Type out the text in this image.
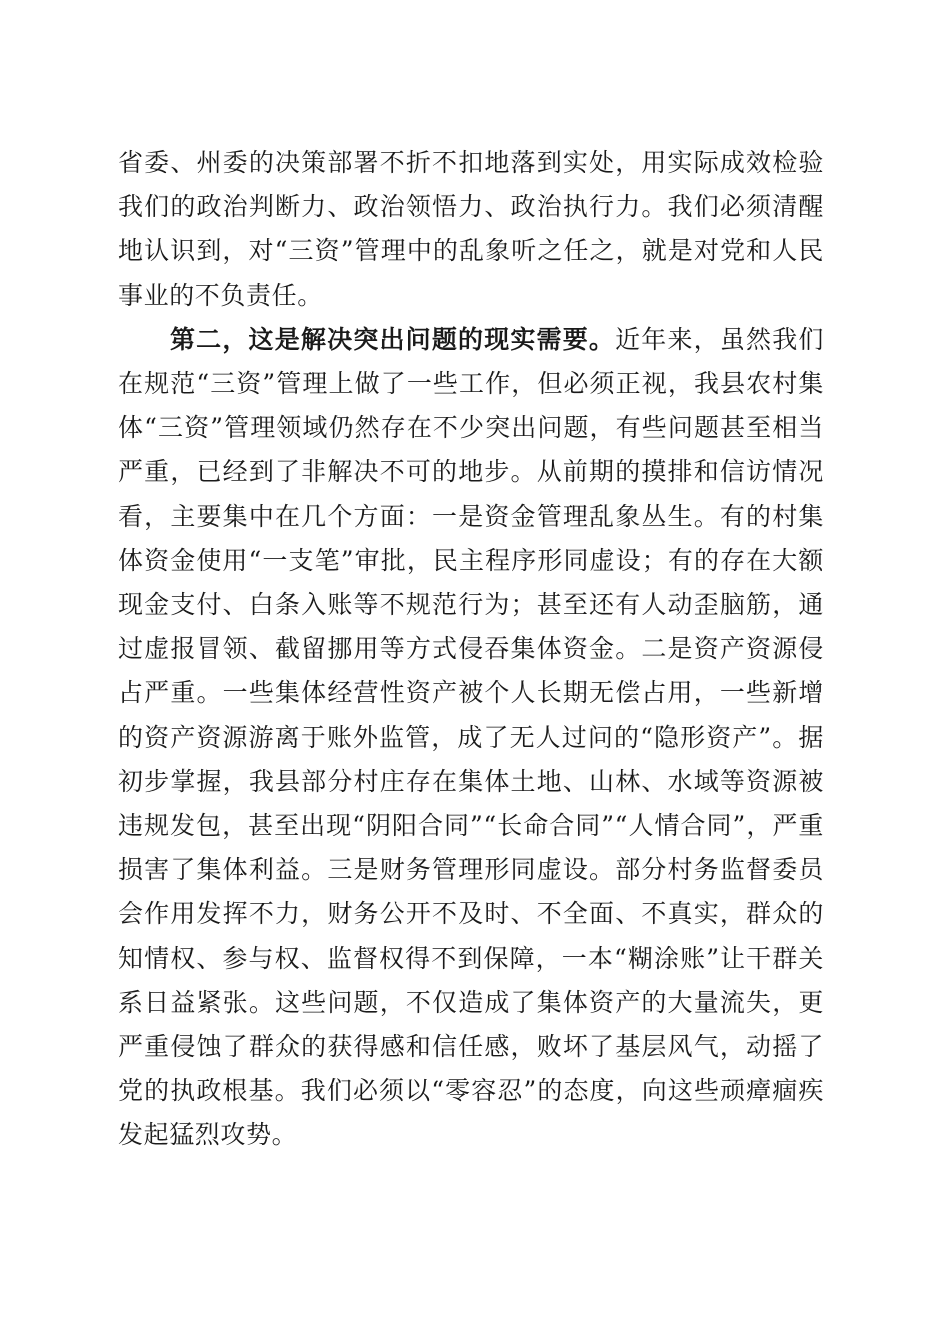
省委、州委的决策部署不折不扣地落到实处，用实际成效检验我们的政治判断力、政治领悟力、政治执行力。我们必须清醒地认识到，对“三资”管理中的乱象听之任之，就是对党和人民事业的不负责任。

第二，这是解决突出问题的现实需要。近年来，虽然我们在规范“三资”管理上做了一些工作，但必须正视，我县农村集体“三资”管理领域仍然存在不少突出问题，有些问题甚至相当严重，已经到了非解决不可的地步。从前期的摸排和信访情况看，主要集中在几个方面：一是资金管理乱象丛生。有的村集体资金使用“一支笔”审批，民主程序形同虚设；有的存在大额现金支付、白条入账等不规范行为；甚至还有人动歪脑筋，通过虚报冒领、截留挪用等方式侵吞集体资金。二是资产资源侵占严重。一些集体经营性资产被个人长期无偿占用，一些新增的资产资源游离于账外监管，成了无人过问的“隐形资产”。据初步掌握，我县部分村庄存在集体土地、山林、水域等资源被违规发包，甚至出现“阴阳合同”“长命合同”“人情合同”，严重损害了集体利益。三是财务管理形同虚设。部分村务监督委员会作用发挥不力，财务公开不及时、不全面、不真实，群众的知情权、参与权、监督权得不到保障，一本“糊涂账”让干群关系日益紧张。这些问题，不仅造成了集体资产的大量流失，更严重侵蚀了群众的获得感和信任感，败坏了基层风气，动摇了党的执政根基。我们必须以“零容忍”的态度，向这些顽瘴痼疾发起猛烈攻势。
